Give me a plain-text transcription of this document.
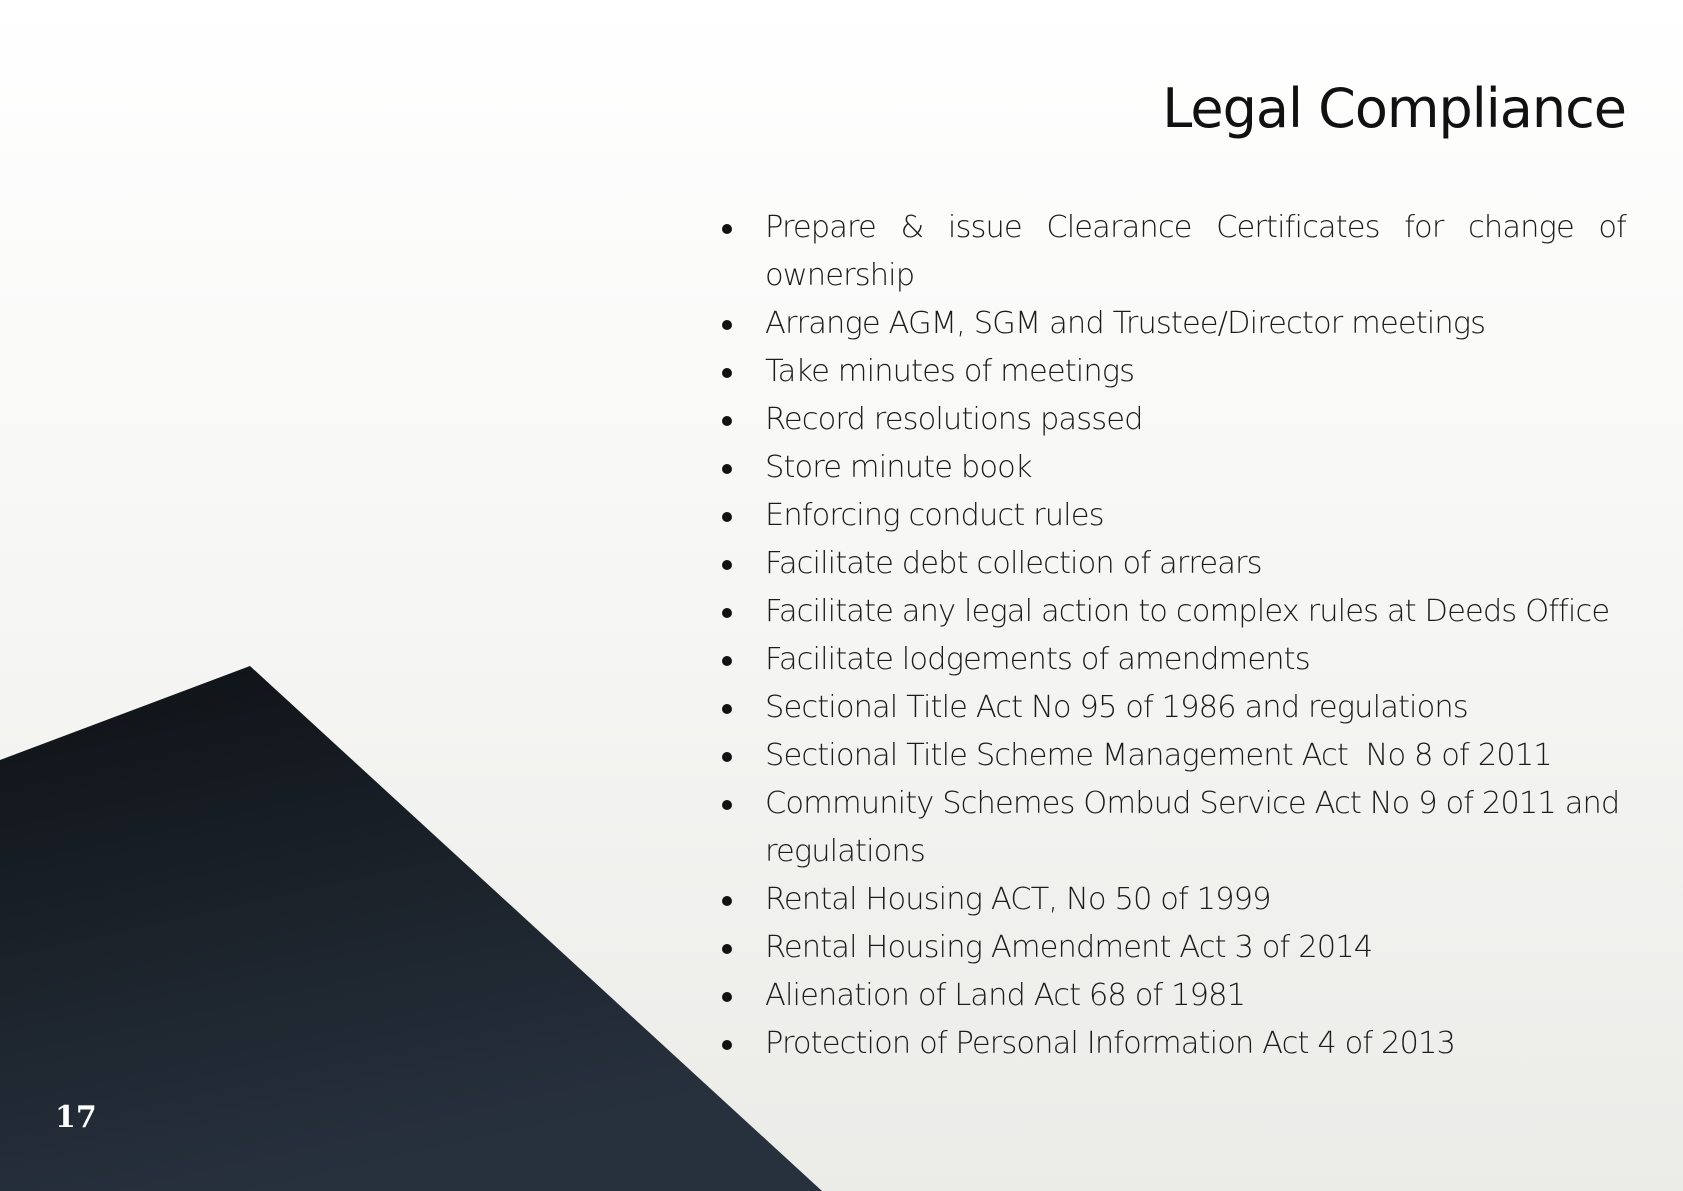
Legal Compliance
Prepare & issue Clearance Certificates for change of ownership
Arrange AGM, SGM and Trustee/Director meetings
Take minutes of meetings
Record resolutions passed
Store minute book
Enforcing conduct rules
Facilitate debt collection of arrears
Facilitate any legal action to complex rules at Deeds Office
Facilitate lodgements of amendments
Sectional Title Act No 95 of 1986 and regulations
Sectional Title Scheme Management Act  No 8 of 2011
Community Schemes Ombud Service Act No 9 of 2011 and regulations
Rental Housing ACT, No 50 of 1999
Rental Housing Amendment Act 3 of 2014
Alienation of Land Act 68 of 1981
Protection of Personal Information Act 4 of 2013
17
